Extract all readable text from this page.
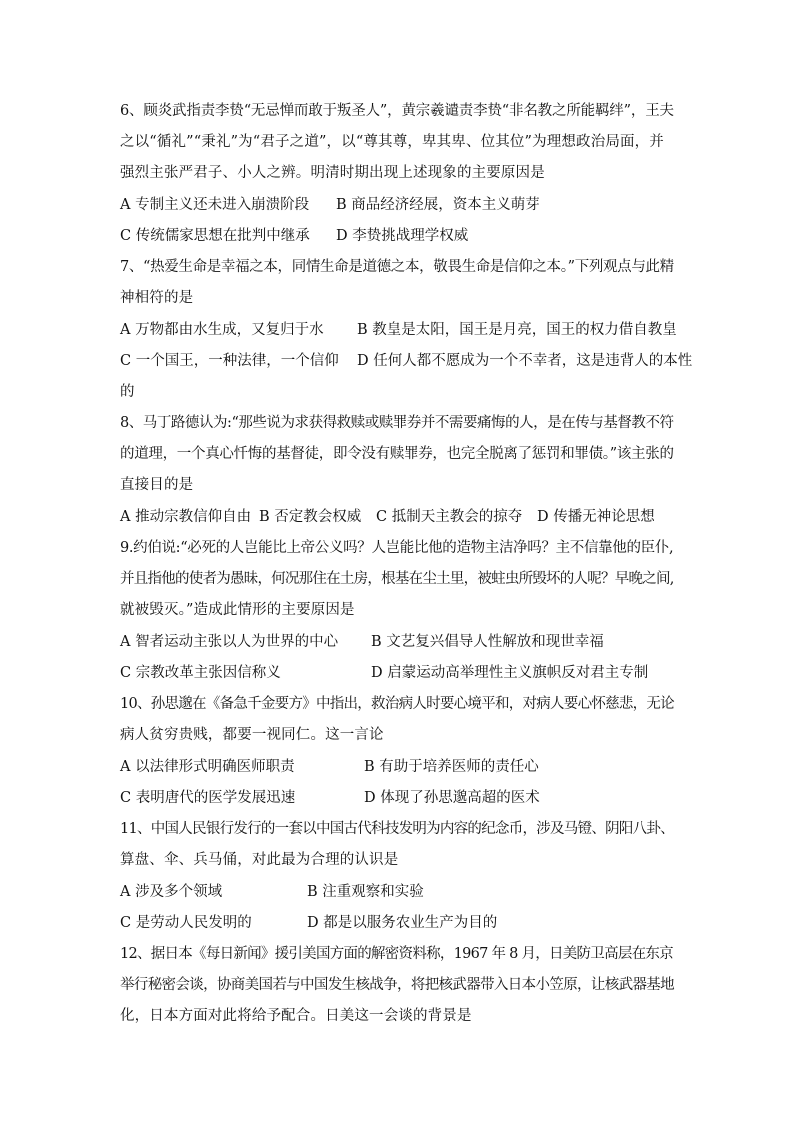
6、顾炎武指责李贽“无忌惮而敢于叛圣人”，黄宗羲谴责李贽“非名教之所能羁绊”，王夫
之以“循礼”“秉礼”为“君子之道”，以“尊其尊，卑其卑、位其位”为理想政治局面，并
强烈主张严君子、小人之辨。明清时期出现上述现象的主要原因是
A 专制主义还未进入崩溃阶段 B 商品经济经展，资本主义萌芽
C 传统儒家思想在批判中继承 D 李贽挑战理学权威
7、“热爱生命是幸福之本，同情生命是道德之本，敬畏生命是信仰之本。”下列观点与此精
神相符的是
A 万物都由水生成，又复归于水 B 教皇是太阳，国王是月亮，国王的权力借自教皇
C 一个国王，一种法律，一个信仰 D 任何人都不愿成为一个不幸者，这是违背人的本性
的
8、马丁路德认为:“那些说为求获得救赎或赎罪券并不需要痛悔的人，是在传与基督教不符
的道理，一个真心忏悔的基督徒，即令没有赎罪券，也完全脱离了惩罚和罪债。”该主张的
直接目的是
A 推动宗教信仰自由 B 否定教会权威 C 抵制天主教会的掠夺 D 传播无神论思想
9.约伯说:“必死的人岂能比上帝公义吗？人岂能比他的造物主洁净吗？主不信靠他的臣仆,
并且指他的使者为愚昧，何况那住在土房，根基在尘土里，被蛀虫所毁坏的人呢？早晚之间,
就被毁灭。”造成此情形的主要原因是
A 智者运动主张以人为世界的中心 B 文艺复兴倡导人性解放和现世幸福
C 宗教改革主张因信称义	D 启蒙运动高举理性主义旗帜反对君主专制
10、孙思邈在《备急千金要方》中指出，救治病人时要心境平和，对病人要心怀慈悲，无论
病人贫穷贵贱，都要一视同仁。这一言论
A 以法律形式明确医师职责	B 有助于培养医师的责任心
C 表明唐代的医学发展迅速	D 体现了孙思邈高超的医术
11、中国人民银行发行的一套以中国古代科技发明为内容的纪念币，涉及马镫、阴阳八卦、
算盘、伞、兵马俑，对此最为合理的认识是
A 涉及多个领域	B 注重观察和实验
C 是劳动人民发明的	D 都是以服务农业生产为目的
12、据日本《每日新闻》援引美国方面的解密资料称，1967 年 8 月，日美防卫高层在东京
举行秘密会谈，协商美国若与中国发生核战争，将把核武器带入日本小笠原，让核武器基地
化，日本方面对此将给予配合。日美这一会谈的背景是
